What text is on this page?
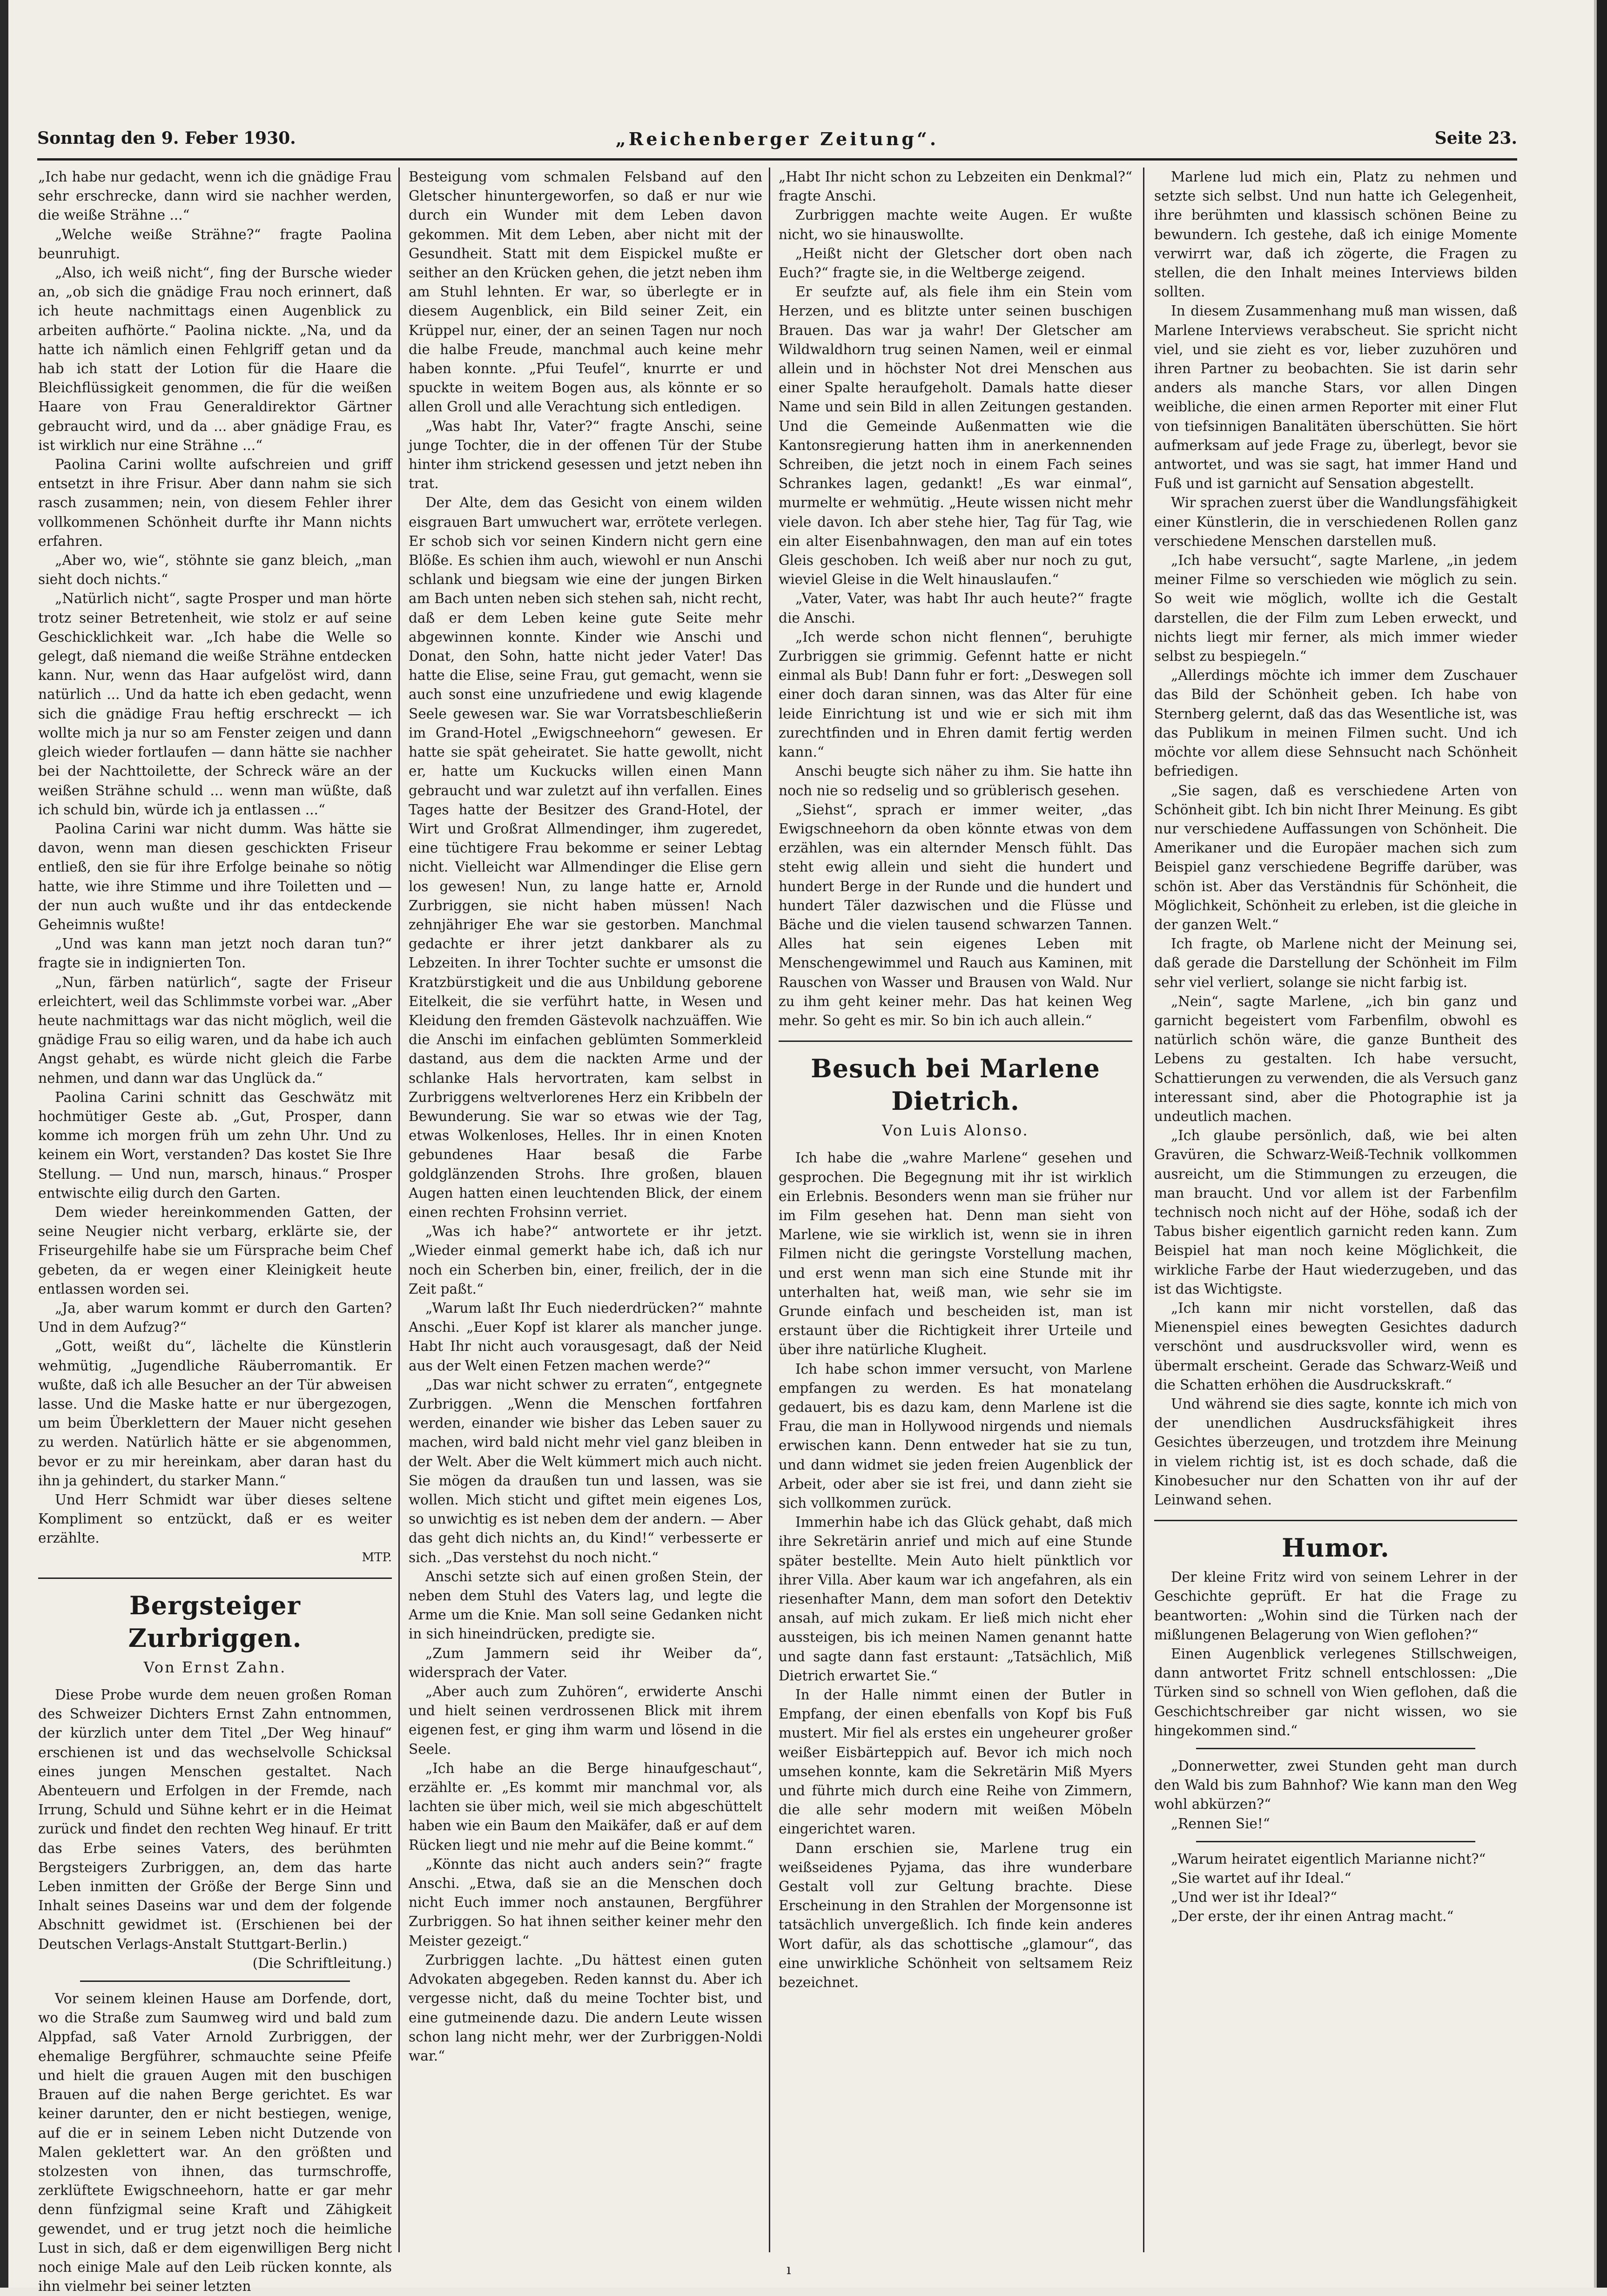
Sonntag den 9. Feber 1930.	„Reichenberger Zeitung“.	Seite 23.

„Ich habe nur gedacht, wenn ich die gnädige Frau sehr erschrecke, dann wird sie nachher werden, die weiße Strähne ...“

„Welche weiße Strähne?“ fragte Paolina beunruhigt.

„Also, ich weiß nicht“, fing der Bursche wieder an, „ob sich die gnädige Frau noch erinnert, daß ich heute nachmittags einen Augenblick zu arbeiten aufhörte.“ Paolina nickte. „Na, und da hatte ich nämlich einen Fehlgriff getan und da hab ich statt der Lotion für die Haare die Bleichflüssigkeit genommen, die für die weißen Haare von Frau Generaldirektor Gärtner gebraucht wird, und da ... aber gnädige Frau, es ist wirklich nur eine Strähne ...“

Paolina Carini wollte aufschreien und griff entsetzt in ihre Frisur. Aber dann nahm sie sich rasch zusammen; nein, von diesem Fehler ihrer vollkommenen Schönheit durfte ihr Mann nichts erfahren.

„Aber wo, wie“, stöhnte sie ganz bleich, „man sieht doch nichts.“

„Natürlich nicht“, sagte Prosper und man hörte trotz seiner Betretenheit, wie stolz er auf seine Geschicklichkeit war. „Ich habe die Welle so gelegt, daß niemand die weiße Strähne entdecken kann. Nur, wenn das Haar aufgelöst wird, dann natürlich ... Und da hatte ich eben gedacht, wenn sich die gnädige Frau heftig erschreckt — ich wollte mich ja nur so am Fenster zeigen und dann gleich wieder fortlaufen — dann hätte sie nachher bei der Nachttoilette, der Schreck wäre an der weißen Strähne schuld ... wenn man wüßte, daß ich schuld bin, würde ich ja entlassen ...“

Paolina Carini war nicht dumm. Was hätte sie davon, wenn man diesen geschickten Friseur entließ, den sie für ihre Erfolge beinahe so nötig hatte, wie ihre Stimme und ihre Toiletten und — der nun auch wußte und ihr das entdeckende Geheimnis wußte!

„Und was kann man jetzt noch daran tun?“ fragte sie in indignierten Ton.

„Nun, färben natürlich“, sagte der Friseur erleichtert, weil das Schlimmste vorbei war. „Aber heute nachmittags war das nicht möglich, weil die gnädige Frau so eilig waren, und da habe ich auch Angst gehabt, es würde nicht gleich die Farbe nehmen, und dann war das Unglück da.“

Paolina Carini schnitt das Geschwätz mit hochmütiger Geste ab. „Gut, Prosper, dann komme ich morgen früh um zehn Uhr. Und zu keinem ein Wort, verstanden? Das kostet Sie Ihre Stellung. — Und nun, marsch, hinaus.“ Prosper entwischte eilig durch den Garten.

Dem wieder hereinkommenden Gatten, der seine Neugier nicht verbarg, erklärte sie, der Friseurgehilfe habe sie um Fürsprache beim Chef gebeten, da er wegen einer Kleinigkeit heute entlassen worden sei.

„Ja, aber warum kommt er durch den Garten? Und in dem Aufzug?“

„Gott, weißt du“, lächelte die Künstlerin wehmütig, „Jugendliche Räuberromantik. Er wußte, daß ich alle Besucher an der Tür abweisen lasse. Und die Maske hatte er nur übergezogen, um beim Überklettern der Mauer nicht gesehen zu werden. Natürlich hätte er sie abgenommen, bevor er zu mir hereinkam, aber daran hast du ihn ja gehindert, du starker Mann.“

Und Herr Schmidt war über dieses seltene Kompliment so entzückt, daß er es weiter erzählte.

MTP.

Bergsteiger Zurbriggen.
Von Ernst Zahn.

Diese Probe wurde dem neuen großen Roman des Schweizer Dichters Ernst Zahn entnommen, der kürzlich unter dem Titel „Der Weg hinauf“ erschienen ist und das wechselvolle Schicksal eines jungen Menschen gestaltet. Nach Abenteuern und Erfolgen in der Fremde, nach Irrung, Schuld und Sühne kehrt er in die Heimat zurück und findet den rechten Weg hinauf. Er tritt das Erbe seines Vaters, des berühmten Bergsteigers Zurbriggen, an, dem das harte Leben inmitten der Größe der Berge Sinn und Inhalt seines Daseins war und dem der folgende Abschnitt gewidmet ist. (Erschienen bei der Deutschen Verlags-Anstalt Stuttgart-Berlin.)

(Die Schriftleitung.)

Vor seinem kleinen Hause am Dorfende, dort, wo die Straße zum Saumweg wird und bald zum Alppfad, saß Vater Arnold Zurbriggen, der ehemalige Bergführer, schmauchte seine Pfeife und hielt die grauen Augen mit den buschigen Brauen auf die nahen Berge gerichtet. Es war keiner darunter, den er nicht bestiegen, wenige, auf die er in seinem Leben nicht Dutzende von Malen geklettert war. An den größten und stolzesten von ihnen, das turmschroffe, zerklüftete Ewigschneehorn, hatte er gar mehr denn fünfzigmal seine Kraft und Zähigkeit gewendet, und er trug jetzt noch die heimliche Lust in sich, daß er dem eigenwilligen Berg nicht noch einige Male auf den Leib rücken konnte, als ihn vielmehr bei seiner letzten

Besteigung vom schmalen Felsband auf den Gletscher hinuntergeworfen, so daß er nur wie durch ein Wunder mit dem Leben davon gekommen. Mit dem Leben, aber nicht mit der Gesundheit. Statt mit dem Eispickel mußte er seither an den Krücken gehen, die jetzt neben ihm am Stuhl lehnten. Er war, so überlegte er in diesem Augenblick, ein Bild seiner Zeit, ein Krüppel nur, einer, der an seinen Tagen nur noch die halbe Freude, manchmal auch keine mehr haben konnte. „Pfui Teufel“, knurrte er und spuckte in weitem Bogen aus, als könnte er so allen Groll und alle Verachtung sich entledigen.

„Was habt Ihr, Vater?“ fragte Anschi, seine junge Tochter, die in der offenen Tür der Stube hinter ihm strickend gesessen und jetzt neben ihn trat.

Der Alte, dem das Gesicht von einem wilden eisgrauen Bart umwuchert war, errötete verlegen. Er schob sich vor seinen Kindern nicht gern eine Blöße. Es schien ihm auch, wiewohl er nun Anschi schlank und biegsam wie eine der jungen Birken am Bach unten neben sich stehen sah, nicht recht, daß er dem Leben keine gute Seite mehr abgewinnen konnte. Kinder wie Anschi und Donat, den Sohn, hatte nicht jeder Vater! Das hatte die Elise, seine Frau, gut gemacht, wenn sie auch sonst eine unzufriedene und ewig klagende Seele gewesen war. Sie war Vorratsbeschließerin im Grand-Hotel „Ewigschneehorn“ gewesen. Er hatte sie spät geheiratet. Sie hatte gewollt, nicht er, hatte um Kuckucks willen einen Mann gebraucht und war zuletzt auf ihn verfallen. Eines Tages hatte der Besitzer des Grand-Hotel, der Wirt und Großrat Allmendinger, ihm zugeredet, eine tüchtigere Frau bekomme er seiner Lebtag nicht. Vielleicht war Allmendinger die Elise gern los gewesen! Nun, zu lange hatte er, Arnold Zurbriggen, sie nicht haben müssen! Nach zehnjähriger Ehe war sie gestorben. Manchmal gedachte er ihrer jetzt dankbarer als zu Lebzeiten. In ihrer Tochter suchte er umsonst die Kratzbürstigkeit und die aus Unbildung geborene Eitelkeit, die sie verführt hatte, in Wesen und Kleidung den fremden Gästevolk nachzuäffen. Wie die Anschi im einfachen geblümten Sommerkleid dastand, aus dem die nackten Arme und der schlanke Hals hervortraten, kam selbst in Zurbriggens weltverlorenes Herz ein Kribbeln der Bewunderung. Sie war so etwas wie der Tag, etwas Wolkenloses, Helles. Ihr in einen Knoten gebundenes Haar besaß die Farbe goldglänzenden Strohs. Ihre großen, blauen Augen hatten einen leuchtenden Blick, der einem einen rechten Frohsinn verriet.

„Was ich habe?“ antwortete er ihr jetzt. „Wieder einmal gemerkt habe ich, daß ich nur noch ein Scherben bin, einer, freilich, der in die Zeit paßt.“

„Warum laßt Ihr Euch niederdrücken?“ mahnte Anschi. „Euer Kopf ist klarer als mancher junge. Habt Ihr nicht auch vorausgesagt, daß der Neid aus der Welt einen Fetzen machen werde?“

„Das war nicht schwer zu erraten“, entgegnete Zurbriggen. „Wenn die Menschen fortfahren werden, einander wie bisher das Leben sauer zu machen, wird bald nicht mehr viel ganz bleiben in der Welt. Aber die Welt kümmert mich auch nicht. Sie mögen da draußen tun und lassen, was sie wollen. Mich sticht und giftet mein eigenes Los, so unwichtig es ist neben dem der andern. — Aber das geht dich nichts an, du Kind!“ verbesserte er sich. „Das verstehst du noch nicht.“

Anschi setzte sich auf einen großen Stein, der neben dem Stuhl des Vaters lag, und legte die Arme um die Knie. Man soll seine Gedanken nicht in sich hineindrücken, predigte sie.

„Zum Jammern seid ihr Weiber da“, widersprach der Vater.

„Aber auch zum Zuhören“, erwiderte Anschi und hielt seinen verdrossenen Blick mit ihrem eigenen fest, er ging ihm warm und lösend in die Seele.

„Ich habe an die Berge hinaufgeschaut“, erzählte er. „Es kommt mir manchmal vor, als lachten sie über mich, weil sie mich abgeschüttelt haben wie ein Baum den Maikäfer, daß er auf dem Rücken liegt und nie mehr auf die Beine kommt.“

„Könnte das nicht auch anders sein?“ fragte Anschi. „Etwa, daß sie an die Menschen doch nicht Euch immer noch anstaunen, Bergführer Zurbriggen. So hat ihnen seither keiner mehr den Meister gezeigt.“

Zurbriggen lachte. „Du hättest einen guten Advokaten abgegeben. Reden kannst du. Aber ich vergesse nicht, daß du meine Tochter bist, und eine gutmeinende dazu. Die andern Leute wissen schon lang nicht mehr, wer der Zurbriggen-Noldi war.“

„Habt Ihr nicht schon zu Lebzeiten ein Denkmal?“ fragte Anschi.

Zurbriggen machte weite Augen. Er wußte nicht, wo sie hinauswollte.

„Heißt nicht der Gletscher dort oben nach Euch?“ fragte sie, in die Weltberge zeigend.

Er seufzte auf, als fiele ihm ein Stein vom Herzen, und es blitzte unter seinen buschigen Brauen. Das war ja wahr! Der Gletscher am Wildwaldhorn trug seinen Namen, weil er einmal allein und in höchster Not drei Menschen aus einer Spalte heraufgeholt. Damals hatte dieser Name und sein Bild in allen Zeitungen gestanden. Und die Gemeinde Außenmatten wie die Kantonsregierung hatten ihm in anerkennenden Schreiben, die jetzt noch in einem Fach seines Schrankes lagen, gedankt! „Es war einmal“, murmelte er wehmütig. „Heute wissen nicht mehr viele davon. Ich aber stehe hier, Tag für Tag, wie ein alter Eisenbahnwagen, den man auf ein totes Gleis geschoben. Ich weiß aber nur noch zu gut, wieviel Gleise in die Welt hinauslaufen.“

„Vater, Vater, was habt Ihr auch heute?“ fragte die Anschi.

„Ich werde schon nicht flennen“, beruhigte Zurbriggen sie grimmig. Gefennt hatte er nicht einmal als Bub! Dann fuhr er fort: „Deswegen soll einer doch daran sinnen, was das Alter für eine leide Einrichtung ist und wie er sich mit ihm zurechtfinden und in Ehren damit fertig werden kann.“

Anschi beugte sich näher zu ihm. Sie hatte ihn noch nie so redselig und so grüblerisch gesehen.

„Siehst“, sprach er immer weiter, „das Ewigschneehorn da oben könnte etwas von dem erzählen, was ein alternder Mensch fühlt. Das steht ewig allein und sieht die hundert und hundert Berge in der Runde und die hundert und hundert Täler dazwischen und die Flüsse und Bäche und die vielen tausend schwarzen Tannen. Alles hat sein eigenes Leben mit Menschengewimmel und Rauch aus Kaminen, mit Rauschen von Wasser und Brausen von Wald. Nur zu ihm geht keiner mehr. Das hat keinen Weg mehr. So geht es mir. So bin ich auch allein.“

Besuch bei Marlene Dietrich.
Von Luis Alonso.

Ich habe die „wahre Marlene“ gesehen und gesprochen. Die Begegnung mit ihr ist wirklich ein Erlebnis. Besonders wenn man sie früher nur im Film gesehen hat. Denn man sieht von Marlene, wie sie wirklich ist, wenn sie in ihren Filmen nicht die geringste Vorstellung machen, und erst wenn man sich eine Stunde mit ihr unterhalten hat, weiß man, wie sehr sie im Grunde einfach und bescheiden ist, man ist erstaunt über die Richtigkeit ihrer Urteile und über ihre natürliche Klugheit.

Ich habe schon immer versucht, von Marlene empfangen zu werden. Es hat monatelang gedauert, bis es dazu kam, denn Marlene ist die Frau, die man in Hollywood nirgends und niemals erwischen kann. Denn entweder hat sie zu tun, und dann widmet sie jeden freien Augenblick der Arbeit, oder aber sie ist frei, und dann zieht sie sich vollkommen zurück.

Immerhin habe ich das Glück gehabt, daß mich ihre Sekretärin anrief und mich auf eine Stunde später bestellte. Mein Auto hielt pünktlich vor ihrer Villa. Aber kaum war ich angefahren, als ein riesenhafter Mann, dem man sofort den Detektiv ansah, auf mich zukam. Er ließ mich nicht eher aussteigen, bis ich meinen Namen genannt hatte und sagte dann fast erstaunt: „Tatsächlich, Miß Dietrich erwartet Sie.“

In der Halle nimmt einen der Butler in Empfang, der einen ebenfalls von Kopf bis Fuß mustert. Mir fiel als erstes ein ungeheurer großer weißer Eisbärteppich auf. Bevor ich mich noch umsehen konnte, kam die Sekretärin Miß Myers und führte mich durch eine Reihe von Zimmern, die alle sehr modern mit weißen Möbeln eingerichtet waren.

Dann erschien sie, Marlene trug ein weißseidenes Pyjama, das ihre wunderbare Gestalt voll zur Geltung brachte. Diese Erscheinung in den Strahlen der Morgensonne ist tatsächlich unvergeßlich. Ich finde kein anderes Wort dafür, als das schottische „glamour“, das eine unwirkliche Schönheit von seltsamem Reiz bezeichnet.

Marlene lud mich ein, Platz zu nehmen und setzte sich selbst. Und nun hatte ich Gelegenheit, ihre berühmten und klassisch schönen Beine zu bewundern. Ich gestehe, daß ich einige Momente verwirrt war, daß ich zögerte, die Fragen zu stellen, die den Inhalt meines Interviews bilden sollten.

In diesem Zusammenhang muß man wissen, daß Marlene Interviews verabscheut. Sie spricht nicht viel, und sie zieht es vor, lieber zuzuhören und ihren Partner zu beobachten. Sie ist darin sehr anders als manche Stars, vor allen Dingen weibliche, die einen armen Reporter mit einer Flut von tiefsinnigen Banalitäten überschütten. Sie hört aufmerksam auf jede Frage zu, überlegt, bevor sie antwortet, und was sie sagt, hat immer Hand und Fuß und ist garnicht auf Sensation abgestellt.

Wir sprachen zuerst über die Wandlungsfähigkeit einer Künstlerin, die in verschiedenen Rollen ganz verschiedene Menschen darstellen muß.

„Ich habe versucht“, sagte Marlene, „in jedem meiner Filme so verschieden wie möglich zu sein. So weit wie möglich, wollte ich die Gestalt darstellen, die der Film zum Leben erweckt, und nichts liegt mir ferner, als mich immer wieder selbst zu bespiegeln.“

„Allerdings möchte ich immer dem Zuschauer das Bild der Schönheit geben. Ich habe von Sternberg gelernt, daß das das Wesentliche ist, was das Publikum in meinen Filmen sucht. Und ich möchte vor allem diese Sehnsucht nach Schönheit befriedigen.

„Sie sagen, daß es verschiedene Arten von Schönheit gibt. Ich bin nicht Ihrer Meinung. Es gibt nur verschiedene Auffassungen von Schönheit. Die Amerikaner und die Europäer machen sich zum Beispiel ganz verschiedene Begriffe darüber, was schön ist. Aber das Verständnis für Schönheit, die Möglichkeit, Schönheit zu erleben, ist die gleiche in der ganzen Welt.“

Ich fragte, ob Marlene nicht der Meinung sei, daß gerade die Darstellung der Schönheit im Film sehr viel verliert, solange sie nicht farbig ist.

„Nein“, sagte Marlene, „ich bin ganz und garnicht begeistert vom Farbenfilm, obwohl es natürlich schön wäre, die ganze Buntheit des Lebens zu gestalten. Ich habe versucht, Schattierungen zu verwenden, die als Versuch ganz interessant sind, aber die Photographie ist ja undeutlich machen.

„Ich glaube persönlich, daß, wie bei alten Gravüren, die Schwarz-Weiß-Technik vollkommen ausreicht, um die Stimmungen zu erzeugen, die man braucht. Und vor allem ist der Farbenfilm technisch noch nicht auf der Höhe, sodaß ich der Tabus bisher eigentlich garnicht reden kann. Zum Beispiel hat man noch keine Möglichkeit, die wirkliche Farbe der Haut wiederzugeben, und das ist das Wichtigste.

„Ich kann mir nicht vorstellen, daß das Mienenspiel eines bewegten Gesichtes dadurch verschönt und ausdrucksvoller wird, wenn es übermalt erscheint. Gerade das Schwarz-Weiß und die Schatten erhöhen die Ausdruckskraft.“

Und während sie dies sagte, konnte ich mich von der unendlichen Ausdrucksfähigkeit ihres Gesichtes überzeugen, und trotzdem ihre Meinung in vielem richtig ist, ist es doch schade, daß die Kinobesucher nur den Schatten von ihr auf der Leinwand sehen.

Humor.

Der kleine Fritz wird von seinem Lehrer in der Geschichte geprüft. Er hat die Frage zu beantworten: „Wohin sind die Türken nach der mißlungenen Belagerung von Wien geflohen?“

Einen Augenblick verlegenes Stillschweigen, dann antwortet Fritz schnell entschlossen: „Die Türken sind so schnell von Wien geflohen, daß die Geschichtschreiber gar nicht wissen, wo sie hingekommen sind.“

„Donnerwetter, zwei Stunden geht man durch den Wald bis zum Bahnhof? Wie kann man den Weg wohl abkürzen?“

„Rennen Sie!“

„Warum heiratet eigentlich Marianne nicht?“

„Sie wartet auf ihr Ideal.“

„Und wer ist ihr Ideal?“

„Der erste, der ihr einen Antrag macht.“

ı
